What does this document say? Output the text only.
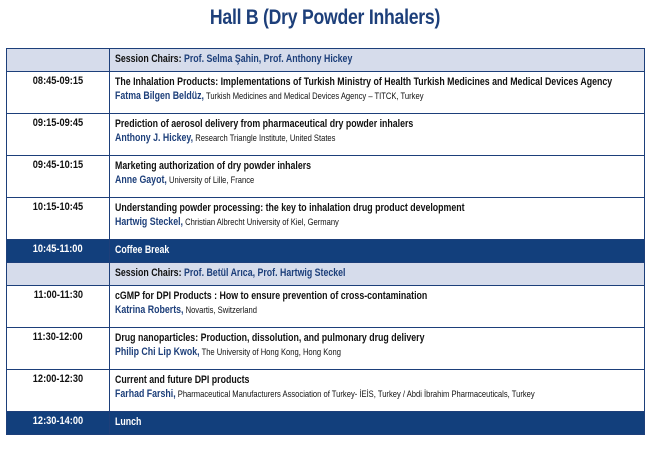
Hall B (Dry Powder Inhalers)

	Session Chairs: Prof. Selma Şahin, Prof. Anthony Hickey

08:45-09:15	The Inhalation Products: Implementations of Turkish Ministry of Health Turkish Medicines and Medical Devices Agency
Fatma Bilgen Beldüz, Turkish Medicines and Medical Devices Agency – TITCK, Turkey

09:15-09:45	Prediction of aerosol delivery from pharmaceutical dry powder inhalers
Anthony J. Hickey, Research Triangle Institute, United States

09:45-10:15	Marketing authorization of dry powder inhalers
Anne Gayot, University of Lille, France

10:15-10:45	Understanding powder processing: the key to inhalation drug product development
Hartwig Steckel, Christian Albrecht University of Kiel, Germany

10:45-11:00	Coffee Break

	Session Chairs: Prof. Betül Arıca, Prof. Hartwig Steckel

11:00-11:30	cGMP for DPI Products : How to ensure prevention of cross-contamination
Katrina Roberts, Novartis, Switzerland

11:30-12:00	Drug nanoparticles: Production, dissolution, and pulmonary drug delivery
Philip Chi Lip Kwok, The University of Hong Kong, Hong Kong

12:00-12:30	Current and future DPI products
Farhad Farshi, Pharmaceutical Manufacturers Association of Turkey- İEİS, Turkey / Abdi İbrahim Pharmaceuticals, Turkey

12:30-14:00	Lunch
